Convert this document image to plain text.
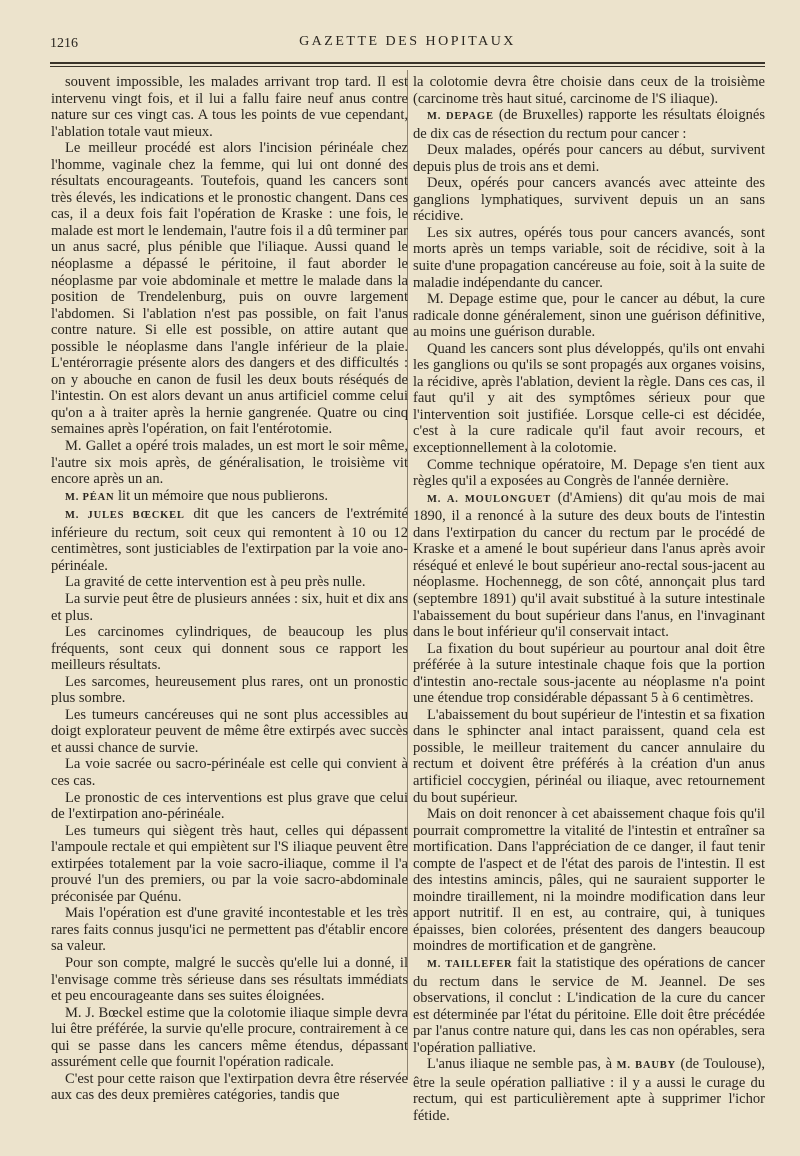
1216	GAZETTE DES HOPITAUX

souvent impossible, les malades arrivant trop tard. Il est intervenu vingt fois, et il lui a fallu faire neuf anus contre nature sur ces vingt cas. A tous les points de vue cependant, l'ablation totale vaut mieux.

Le meilleur procédé est alors l'incision périnéale chez l'homme, vaginale chez la femme, qui lui ont donné des résultats encourageants. Toutefois, quand les cancers sont très élevés, les indications et le pronostic changent. Dans ces cas, il a deux fois fait l'opération de Kraske : une fois, le malade est mort le lendemain, l'autre fois il a dû terminer par un anus sacré, plus pénible que l'iliaque. Aussi quand le néoplasme a dépassé le péritoine, il faut aborder le néoplasme par voie abdominale et mettre le malade dans la position de Trendelenburg, puis on ouvre largement l'abdomen. Si l'ablation n'est pas possible, on fait l'anus contre nature. Si elle est possible, on attire autant que possible le néoplasme dans l'angle inférieur de la plaie. L'entérorragie présente alors des dangers et des difficultés : on y abouche en canon de fusil les deux bouts réséqués de l'intestin. On est alors devant un anus artificiel comme celui qu'on a à traiter après la hernie gangrenée. Quatre ou cinq semaines après l'opération, on fait l'entérotomie.

M. Gallet a opéré trois malades, un est mort le soir même, l'autre six mois après, de généralisation, le troisième vit encore après un an.

M. PÉAN lit un mémoire que nous publierons.

M. JULES BŒCKEL dit que les cancers de l'extrémité inférieure du rectum, soit ceux qui remontent à 10 ou 12 centimètres, sont justiciables de l'extirpation par la voie ano-périnéale.

La gravité de cette intervention est à peu près nulle.

La survie peut être de plusieurs années : six, huit et dix ans et plus.

Les carcinomes cylindriques, de beaucoup les plus fréquents, sont ceux qui donnent sous ce rapport les meilleurs résultats.

Les sarcomes, heureusement plus rares, ont un pronostic plus sombre.

Les tumeurs cancéreuses qui ne sont plus accessibles au doigt explorateur peuvent de même être extirpés avec succès et aussi chance de survie.

La voie sacrée ou sacro-périnéale est celle qui convient à ces cas.

Le pronostic de ces interventions est plus grave que celui de l'extirpation ano-périnéale.

Les tumeurs qui siègent très haut, celles qui dépassent l'ampoule rectale et qui empiètent sur l'S iliaque peuvent être extirpées totalement par la voie sacro-iliaque, comme il l'a prouvé l'un des premiers, ou par la voie sacro-abdominale préconisée par Quénu.

Mais l'opération est d'une gravité incontestable et les très rares faits connus jusqu'ici ne permettent pas d'établir encore sa valeur.

Pour son compte, malgré le succès qu'elle lui a donné, il l'envisage comme très sérieuse dans ses résultats immédiats et peu encourageante dans ses suites éloignées.

M. J. Bœckel estime que la colotomie iliaque simple devra lui être préférée, la survie qu'elle procure, contrairement à ce qui se passe dans les cancers même étendus, dépassant assurément celle que fournit l'opération radicale.

C'est pour cette raison que l'extirpation devra être réservée aux cas des deux premières catégories, tandis que

la colotomie devra être choisie dans ceux de la troisième (carcinome très haut situé, carcinome de l'S iliaque).

M. DEPAGE (de Bruxelles) rapporte les résultats éloignés de dix cas de résection du rectum pour cancer :

Deux malades, opérés pour cancers au début, survivent depuis plus de trois ans et demi.

Deux, opérés pour cancers avancés avec atteinte des ganglions lymphatiques, survivent depuis un an sans récidive.

Les six autres, opérés tous pour cancers avancés, sont morts après un temps variable, soit de récidive, soit à la suite d'une propagation cancéreuse au foie, soit à la suite de maladie indépendante du cancer.

M. Depage estime que, pour le cancer au début, la cure radicale donne généralement, sinon une guérison définitive, au moins une guérison durable.

Quand les cancers sont plus développés, qu'ils ont envahi les ganglions ou qu'ils se sont propagés aux organes voisins, la récidive, après l'ablation, devient la règle. Dans ces cas, il faut qu'il y ait des symptômes sérieux pour que l'intervention soit justifiée. Lorsque celle-ci est décidée, c'est à la cure radicale qu'il faut avoir recours, et exceptionnellement à la colotomie.

Comme technique opératoire, M. Depage s'en tient aux règles qu'il a exposées au Congrès de l'année dernière.

M. A. MOULONGUET (d'Amiens) dit qu'au mois de mai 1890, il a renoncé à la suture des deux bouts de l'intestin dans l'extirpation du cancer du rectum par le procédé de Kraske et a amené le bout supérieur dans l'anus après avoir réséqué et enlevé le bout supérieur ano-rectal sous-jacent au néoplasme. Hochennegg, de son côté, annonçait plus tard (septembre 1891) qu'il avait substitué à la suture intestinale l'abaissement du bout supérieur dans l'anus, en l'invaginant dans le bout inférieur qu'il conservait intact.

La fixation du bout supérieur au pourtour anal doit être préférée à la suture intestinale chaque fois que la portion d'intestin ano-rectale sous-jacente au néoplasme n'a point une étendue trop considérable dépassant 5 à 6 centimètres.

L'abaissement du bout supérieur de l'intestin et sa fixation dans le sphincter anal intact paraissent, quand cela est possible, le meilleur traitement du cancer annulaire du rectum et doivent être préférés à la création d'un anus artificiel coccygien, périnéal ou iliaque, avec retournement du bout supérieur.

Mais on doit renoncer à cet abaissement chaque fois qu'il pourrait compromettre la vitalité de l'intestin et entraîner sa mortification. Dans l'appréciation de ce danger, il faut tenir compte de l'aspect et de l'état des parois de l'intestin. Il est des intestins amincis, pâles, qui ne sauraient supporter le moindre tiraillement, ni la moindre modification dans leur apport nutritif. Il en est, au contraire, qui, à tuniques épaisses, bien colorées, présentent des dangers beaucoup moindres de mortification et de gangrène.

M. TAILLEFER fait la statistique des opérations de cancer du rectum dans le service de M. Jeannel. De ses observations, il conclut : L'indication de la cure du cancer est déterminée par l'état du péritoine. Elle doit être précédée par l'anus contre nature qui, dans les cas non opérables, sera l'opération palliative.

L'anus iliaque ne semble pas, à M. BAUBY (de Toulouse), être la seule opération palliative : il y a aussi le curage du rectum, qui est particulièrement apte à supprimer l'ichor fétide.
